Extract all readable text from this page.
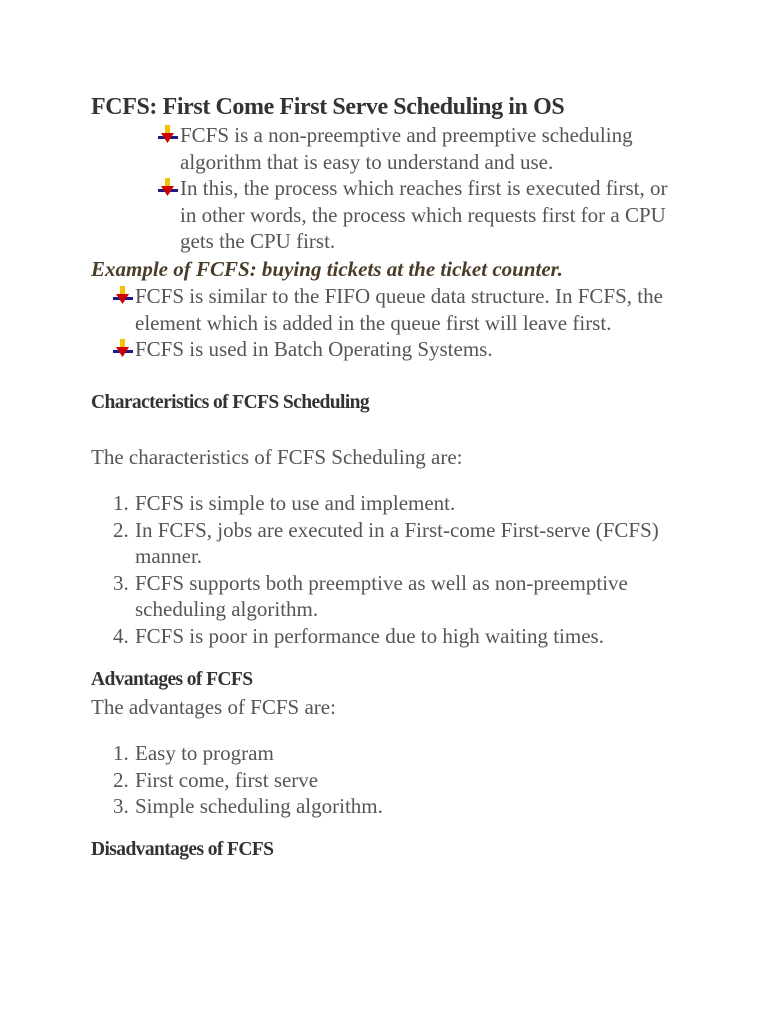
FCFS: First Come First Serve Scheduling in OS
FCFS is a non-preemptive and preemptive scheduling algorithm that is easy to understand and use.
In this, the process which reaches first is executed first, or in other words, the process which requests first for a CPU gets the CPU first.
Example of FCFS: buying tickets at the ticket counter.
FCFS is similar to the FIFO queue data structure. In FCFS, the element which is added in the queue first will leave first.
FCFS is used in Batch Operating Systems.
Characteristics of FCFS Scheduling
The characteristics of FCFS Scheduling are:
1. FCFS is simple to use and implement.
2. In FCFS, jobs are executed in a First-come First-serve (FCFS) manner.
3. FCFS supports both preemptive as well as non-preemptive scheduling algorithm.
4. FCFS is poor in performance due to high waiting times.
Advantages of FCFS
The advantages of FCFS are:
1. Easy to program
2. First come, first serve
3. Simple scheduling algorithm.
Disadvantages of FCFS
